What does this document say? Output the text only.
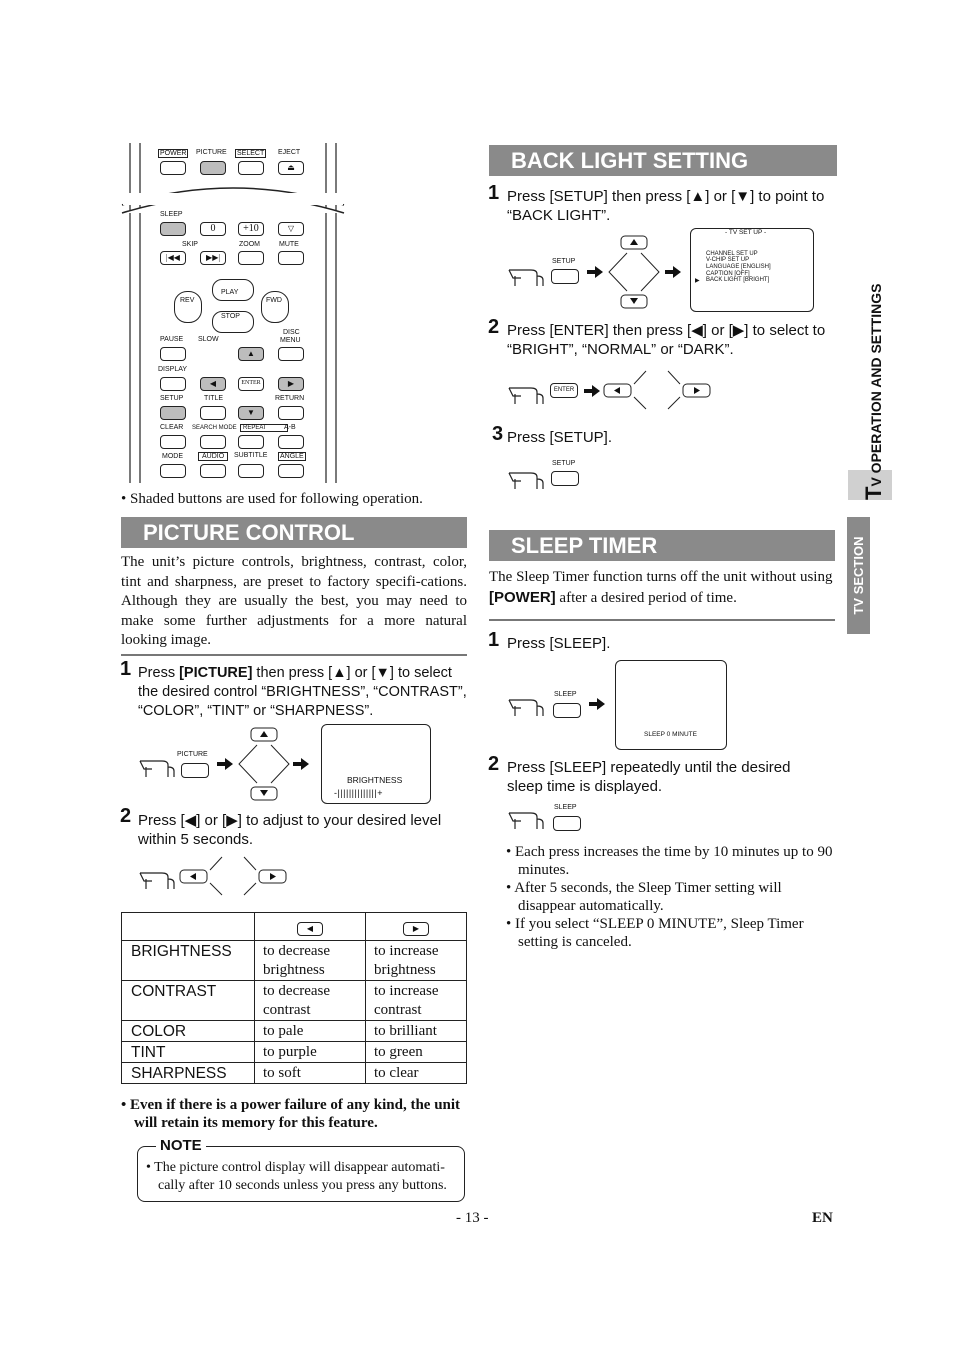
POWER PICTURE SELECT EJECT
⏏
SLEEP
0	+10	▽
SKIP	ZOOM	MUTE
|◀◀	▶▶|
REV
PLAY
FWD
STOP
PAUSE SLOW
DISC
MENU
▲
DISPLAY
◀	ENTER	▶
SETUP	TITLE	RETURN
▼
CLEAR SEARCH MODE	REPEAT	A-B
MODE	AUDIO	SUBTITLE ANGLE
• Shaded buttons are used for following operation.
PICTURE CONTROL
The unit’s picture controls, brightness, contrast, color, tint and sharpness, are preset to factory specifi-cations. Although they are usually the best, you may need to make some further adjustments for a more natural looking image.
1 Press [PICTURE] then press [▲] or [▼] to select the desired control “BRIGHTNESS”, “CONTRAST”, “COLOR”, “TINT” or “SHARPNESS”.
PICTURE
BRIGHTNESS
-||||||||||||||+
2 Press [◀] or [▶] to adjust to your desired level within 5 seconds.
	◀	▶
BRIGHTNESS	to decrease brightness	to increase brightness
CONTRAST	to decrease contrast	to increase contrast
COLOR	to pale	to brilliant
TINT	to purple	to green
SHARPNESS	to soft	to clear
• Even if there is a power failure of any kind, the unit will retain its memory for this feature.
NOTE
• The picture control display will disappear automati-cally after 10 seconds unless you press any buttons.
BACK LIGHT SETTING
1 Press [SETUP] then press [▲] or [▼] to point to “BACK LIGHT”.
SETUP
- TV SET UP -
CHANNEL SET UP
V-CHIP SET UP
LANGUAGE [ENGLISH]
CAPTION [OFF]
▶ BACK LIGHT [BRIGHT]
2 Press [ENTER] then press [◀] or [▶] to select to “BRIGHT”, “NORMAL” or “DARK”.
ENTER
3 Press [SETUP].
SETUP
SLEEP TIMER
The Sleep Timer function turns off the unit without using [POWER] after a desired period of time.
1 Press [SLEEP].
SLEEP
SLEEP 0 MINUTE
2 Press [SLEEP] repeatedly until the desired sleep time is displayed.
SLEEP
• Each press increases the time by 10 minutes up to 90 minutes.
• After 5 seconds, the Sleep Timer setting will disappear automatically.
• If you select “SLEEP 0 MINUTE”, Sleep Timer setting is canceled.
TV OPERATION AND SETTINGS
TV SECTION
- 13 -	EN
